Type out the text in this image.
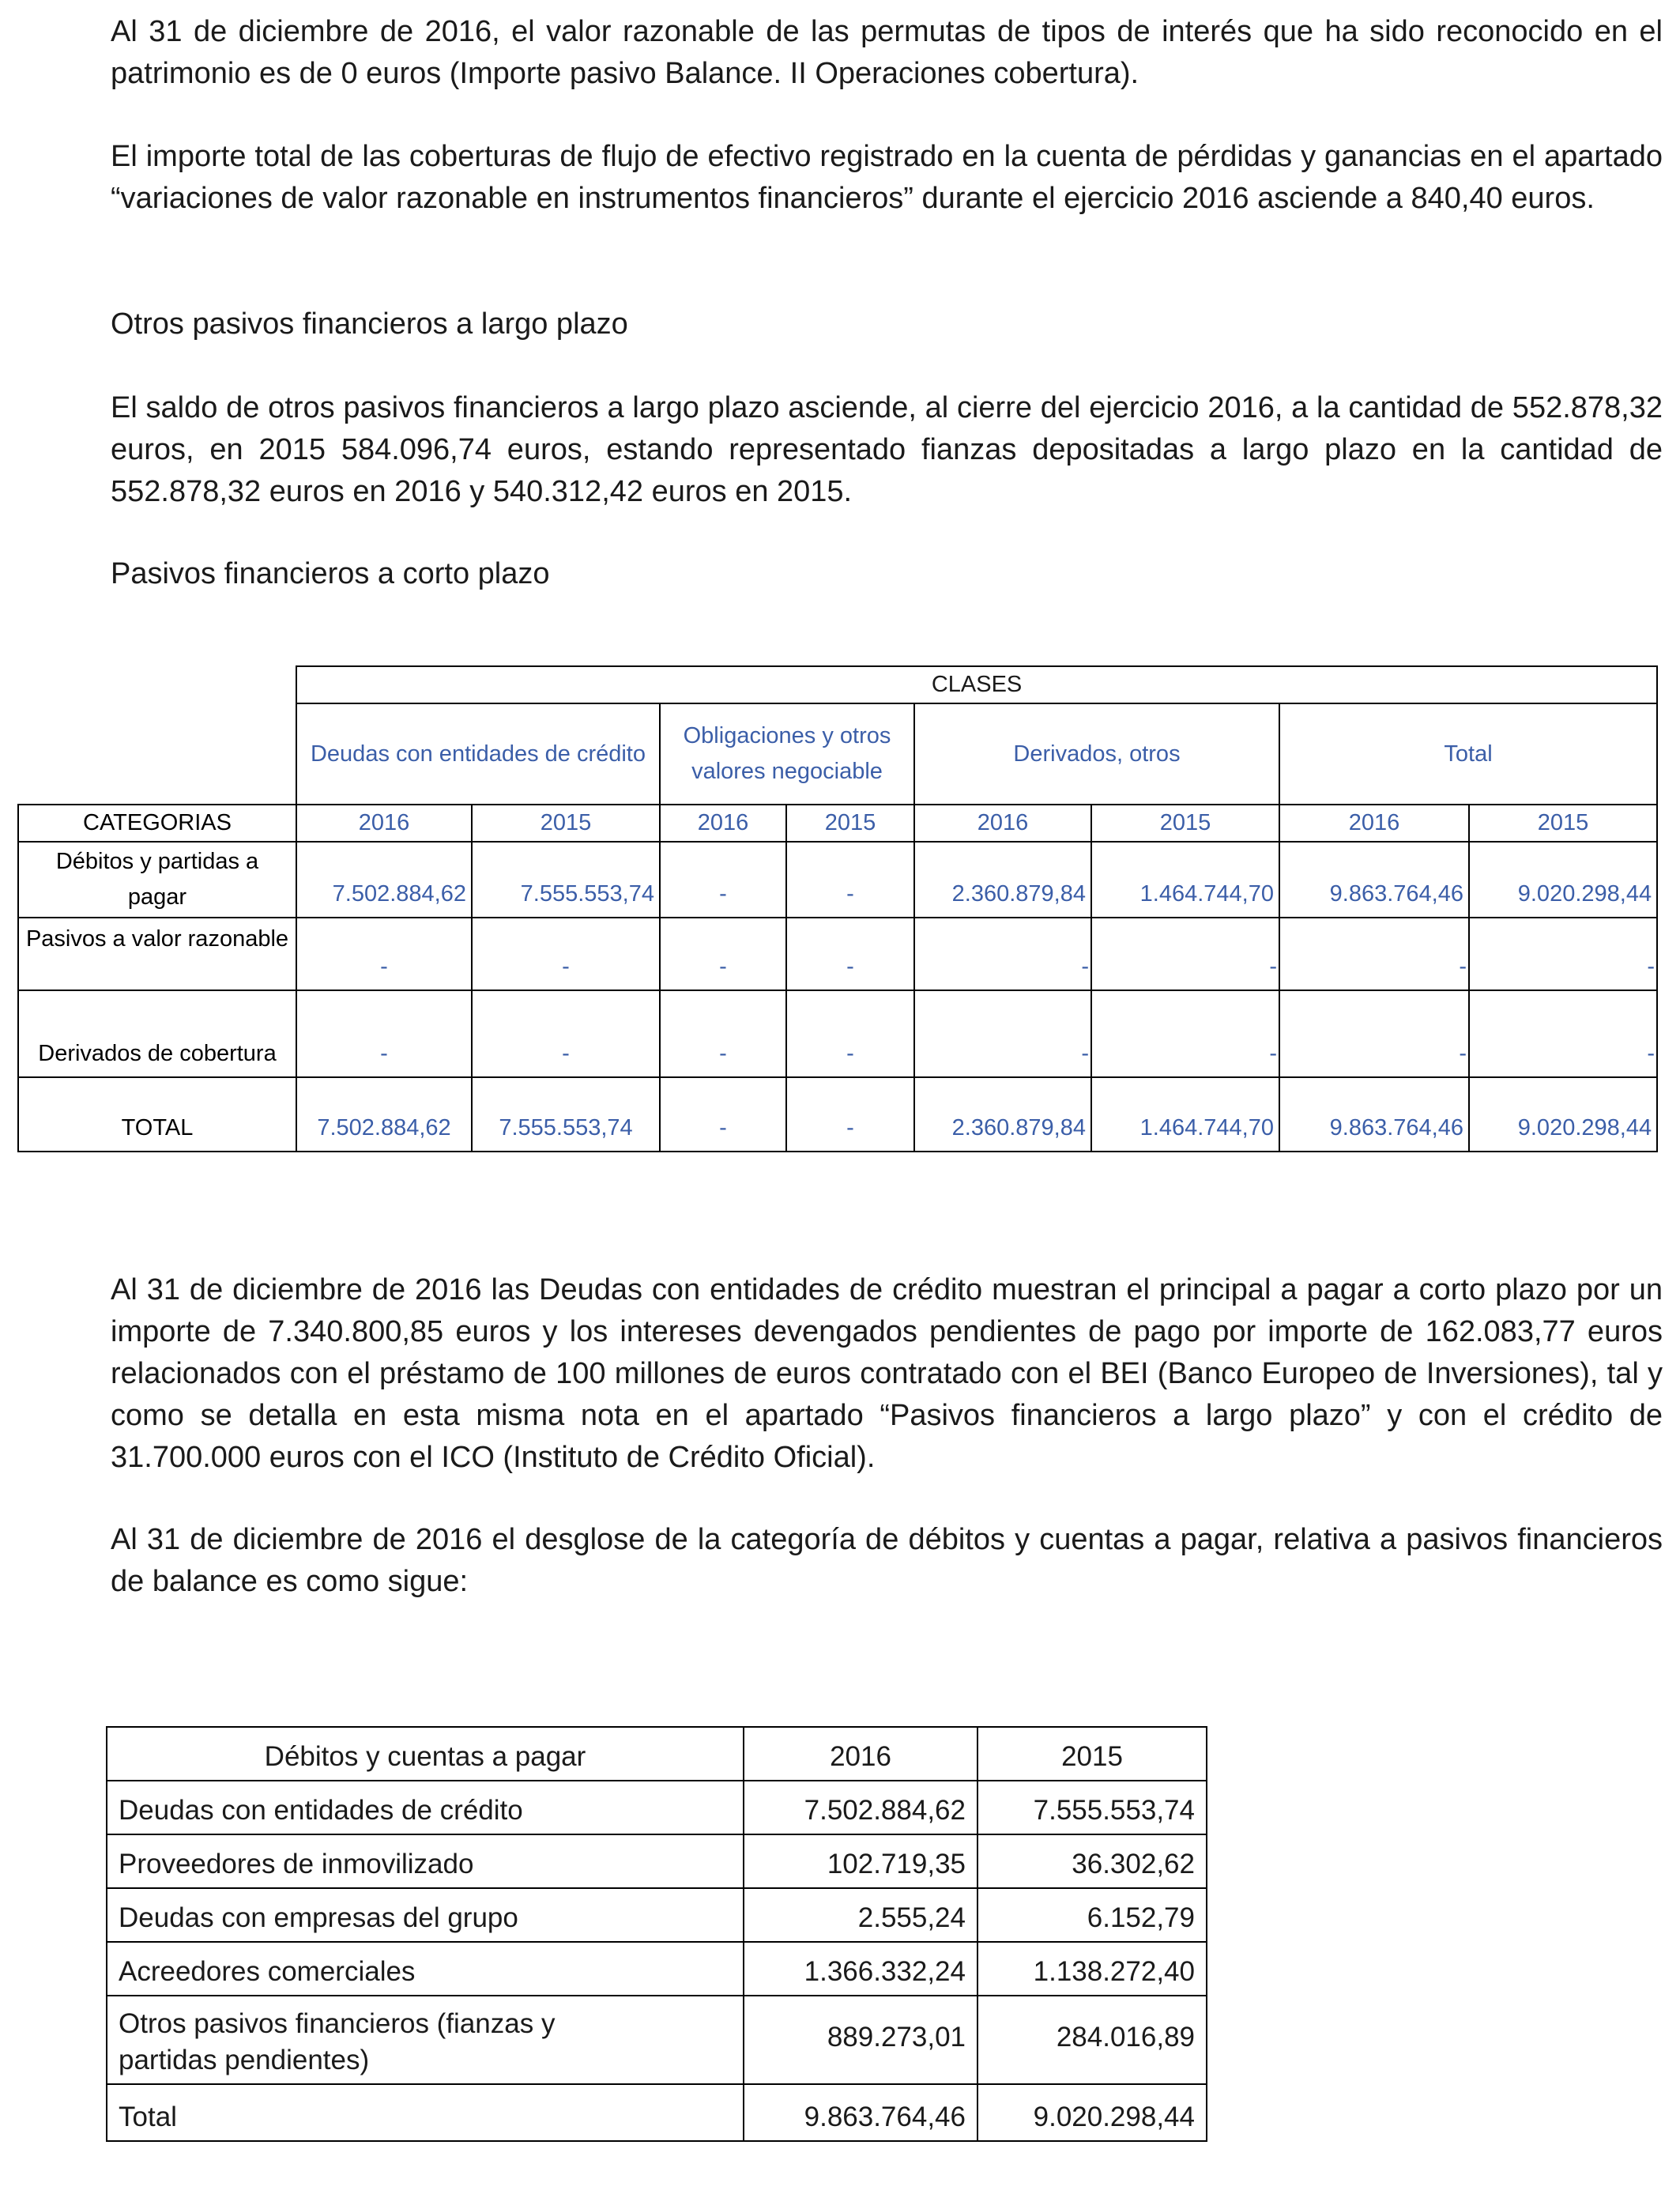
Al 31 de diciembre de 2016, el valor razonable de las permutas de tipos de interés que ha sido reconocido en el patrimonio es de 0 euros (Importe pasivo Balance. II Operaciones cobertura).

El importe total de las coberturas de flujo de efectivo registrado en la cuenta de pérdidas y ganancias en el apartado “variaciones de valor razonable en instrumentos financieros” durante el ejercicio 2016 asciende a 840,40 euros.

Otros pasivos financieros a largo plazo

El saldo de otros pasivos financieros a largo plazo asciende, al cierre del ejercicio 2016, a la cantidad de 552.878,32 euros, en 2015 584.096,74 euros, estando representado fianzas depositadas a largo plazo en la cantidad de 552.878,32 euros en 2016 y 540.312,42 euros en 2015.

Pasivos financieros a corto plazo

	CLASES							
	Deudas con entidades de crédito		Obligaciones y otros valores negociable		Derivados, otros		Total	
CATEGORIAS	2016	2015	2016	2015	2016	2015	2016	2015
Débitos y partidas a pagar	7.502.884,62	7.555.553,74	-	-	2.360.879,84	1.464.744,70	9.863.764,46	9.020.298,44
Pasivos a valor razonable	-	-	-	-	-	-	-	-
Derivados de cobertura	-	-	-	-	-	-	-	-
TOTAL	7.502.884,62	7.555.553,74	-	-	2.360.879,84	1.464.744,70	9.863.764,46	9.020.298,44

Al 31 de diciembre de 2016 las Deudas con entidades de crédito muestran el principal a pagar a corto plazo por un importe de 7.340.800,85 euros y los intereses devengados pendientes de pago por importe de 162.083,77 euros relacionados con el préstamo de 100 millones de euros contratado con el BEI (Banco Europeo de Inversiones), tal y como se detalla en esta misma nota en el apartado “Pasivos financieros a largo plazo” y con el crédito de 31.700.000 euros con el ICO (Instituto de Crédito Oficial).

Al 31 de diciembre de 2016 el desglose de la categoría de débitos y cuentas a pagar, relativa a pasivos financieros de balance es como sigue:

Débitos y cuentas a pagar	2016	2015
Deudas con entidades de crédito	7.502.884,62	7.555.553,74
Proveedores de inmovilizado	102.719,35	36.302,62
Deudas con empresas del grupo	2.555,24	6.152,79
Acreedores comerciales	1.366.332,24	1.138.272,40
Otros pasivos financieros (fianzas y partidas pendientes)	889.273,01	284.016,89
Total	9.863.764,46	9.020.298,44
